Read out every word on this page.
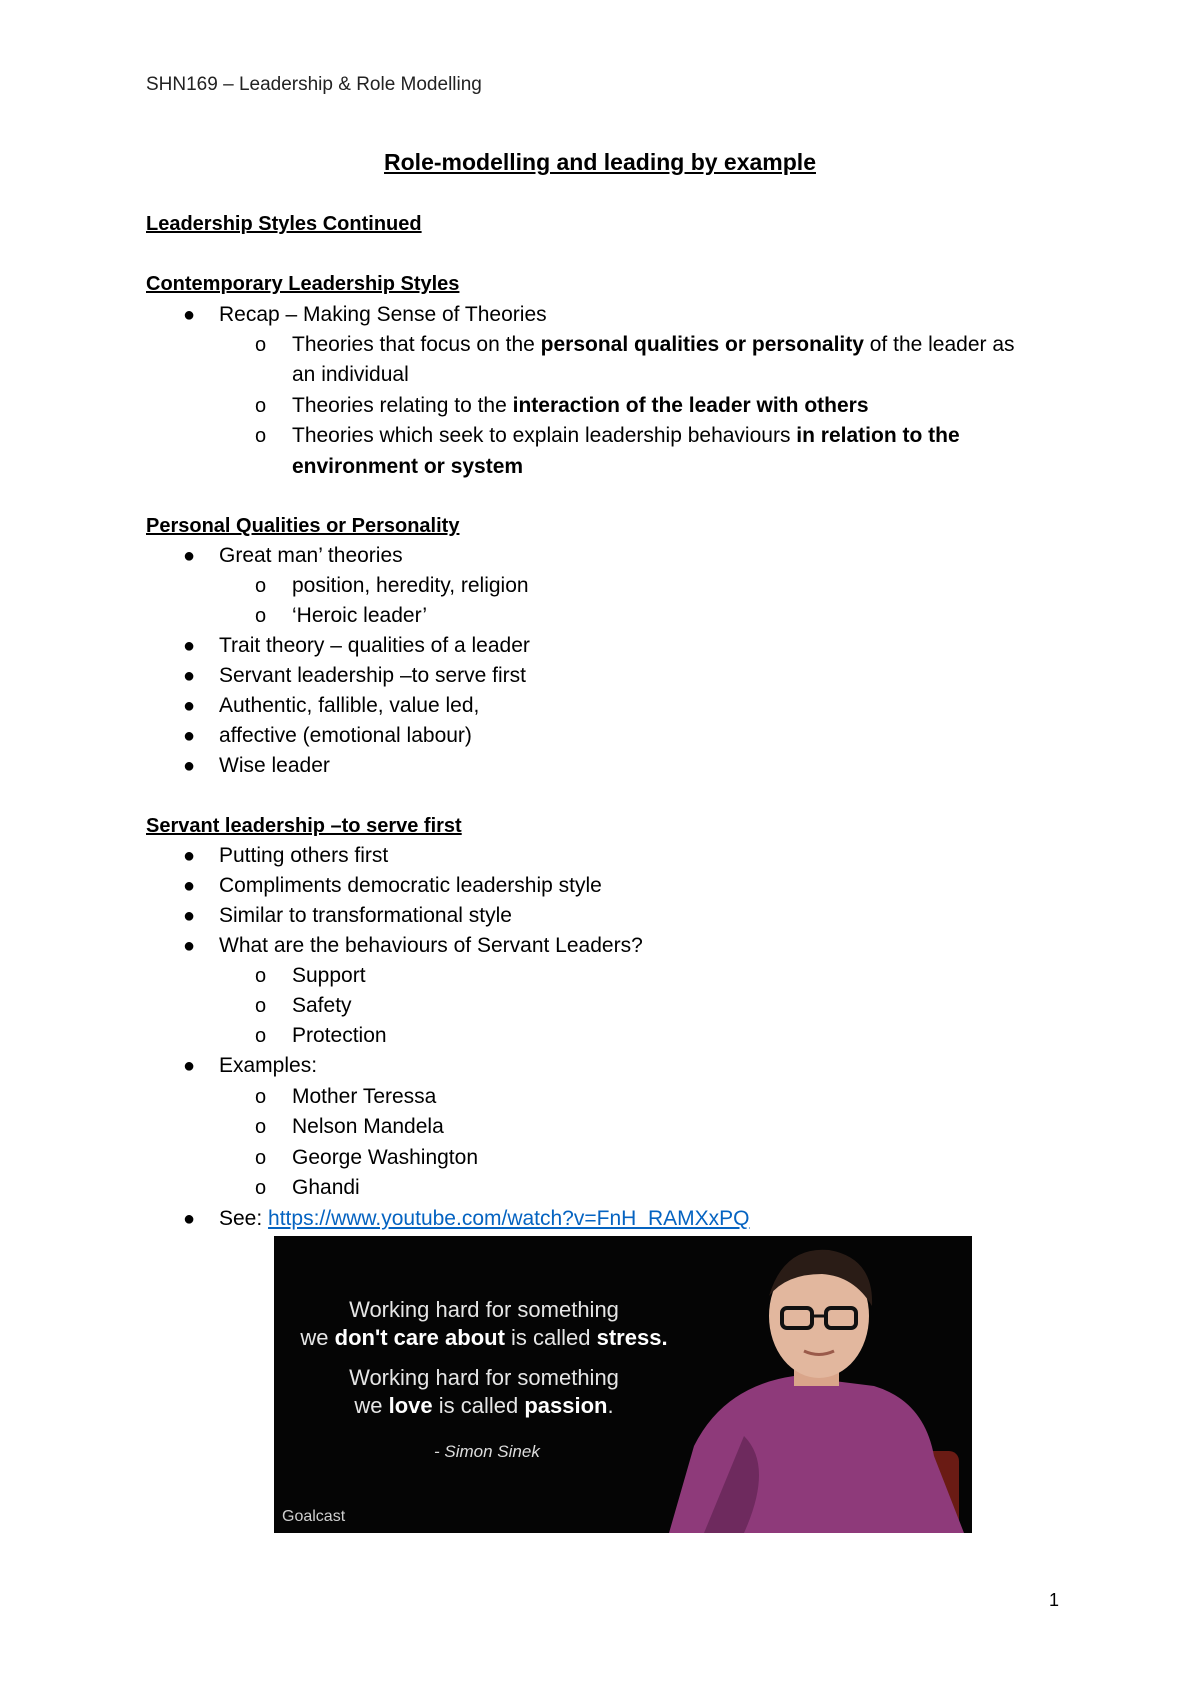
SHN169 – Leadership & Role Modelling
Role-modelling and leading by example
Leadership Styles Continued
Contemporary Leadership Styles
● Recap – Making Sense of Theories
o Theories that focus on the personal qualities or personality of the leader as
an individual
o Theories relating to the interaction of the leader with others
o Theories which seek to explain leadership behaviours in relation to the
environment or system
Personal Qualities or Personality
● Great man’ theories
o position, heredity, religion
o ‘Heroic leader’
● Trait theory – qualities of a leader
● Servant leadership –to serve first
● Authentic, fallible, value led,
● affective (emotional labour)
● Wise leader
Servant leadership –to serve first
● Putting others first
● Compliments democratic leadership style
● Similar to transformational style
● What are the behaviours of Servant Leaders?
o Support
o Safety
o Protection
● Examples:
o Mother Teressa
o Nelson Mandela
o George Washington
o Ghandi
● See: https://www.youtube.com/watch?v=FnH_RAMXxPQ
Working hard for something
we don't care about is called stress.
Working hard for something
we love is called passion.
- Simon Sinek
Goalcast
1
